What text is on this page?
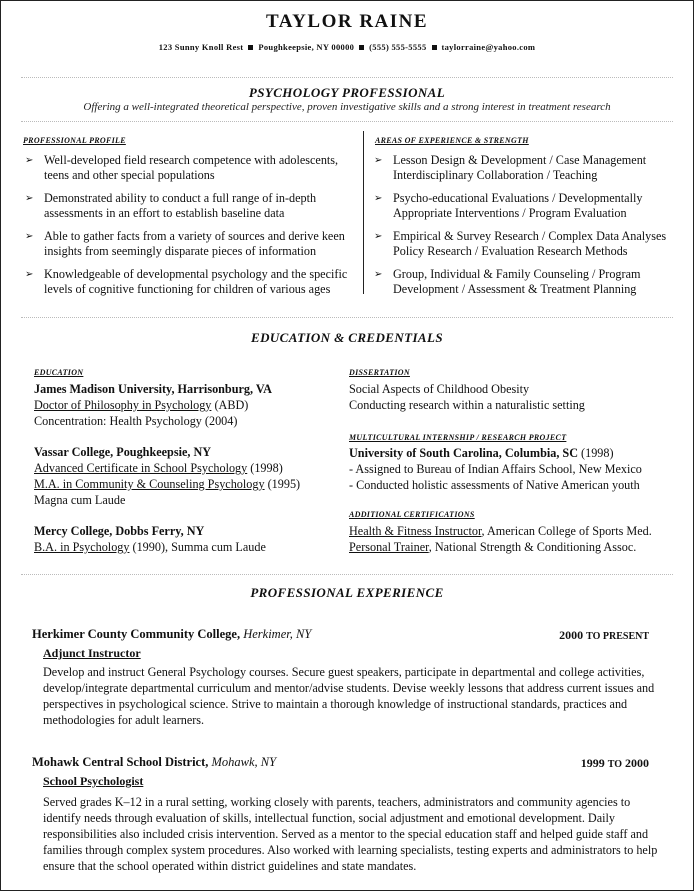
TAYLOR RAINE
123 Sunny Knoll Rest Poughkeepsie, NY 00000 (555) 555-5555 taylorraine@yahoo.com
PSYCHOLOGY PROFESSIONAL
Offering a well-integrated theoretical perspective, proven investigative skills and a strong interest in treatment research
PROFESSIONAL PROFILE
➢ Well-developed field research competence with adolescents, teens and other special populations
➢ Demonstrated ability to conduct a full range of in-depth assessments in an effort to establish baseline data
➢ Able to gather facts from a variety of sources and derive keen insights from seemingly disparate pieces of information
➢ Knowledgeable of developmental psychology and the specific levels of cognitive functioning for children of various ages
AREAS OF EXPERIENCE & STRENGTH
➢ Lesson Design & Development / Case Management Interdisciplinary Collaboration / Teaching
➢ Psycho-educational Evaluations / Developmentally Appropriate Interventions / Program Evaluation
➢ Empirical & Survey Research / Complex Data Analyses Policy Research / Evaluation Research Methods
➢ Group, Individual & Family Counseling / Program Development / Assessment & Treatment Planning
EDUCATION & CREDENTIALS
EDUCATION
James Madison University, Harrisonburg, VA
Doctor of Philosophy in Psychology (ABD)
Concentration: Health Psychology (2004)
Vassar College, Poughkeepsie, NY
Advanced Certificate in School Psychology (1998)
M.A. in Community & Counseling Psychology (1995)
Magna cum Laude
Mercy College, Dobbs Ferry, NY
B.A. in Psychology (1990), Summa cum Laude
DISSERTATION
Social Aspects of Childhood Obesity
Conducting research within a naturalistic setting
MULTICULTURAL INTERNSHIP / RESEARCH PROJECT
University of South Carolina, Columbia, SC (1998)
- Assigned to Bureau of Indian Affairs School, New Mexico
- Conducted holistic assessments of Native American youth
ADDITIONAL CERTIFICATIONS
Health & Fitness Instructor, American College of Sports Med.
Personal Trainer, National Strength & Conditioning Assoc.
PROFESSIONAL EXPERIENCE
Herkimer County Community College, Herkimer, NY	2000 TO PRESENT
Adjunct Instructor
Develop and instruct General Psychology courses. Secure guest speakers, participate in departmental and college activities, develop/integrate departmental curriculum and mentor/advise students. Devise weekly lessons that address current issues and perspectives in psychological science. Strive to maintain a thorough knowledge of instructional standards, practices and methodologies for adult learners.
Mohawk Central School District, Mohawk, NY	1999 TO 2000
School Psychologist
Served grades K–12 in a rural setting, working closely with parents, teachers, administrators and community agencies to identify needs through evaluation of skills, intellectual function, social adjustment and emotional development. Daily responsibilities also included crisis intervention. Served as a mentor to the special education staff and helped guide staff and families through complex system procedures. Also worked with learning specialists, testing experts and administrators to help ensure that the school operated within district guidelines and state mandates.
